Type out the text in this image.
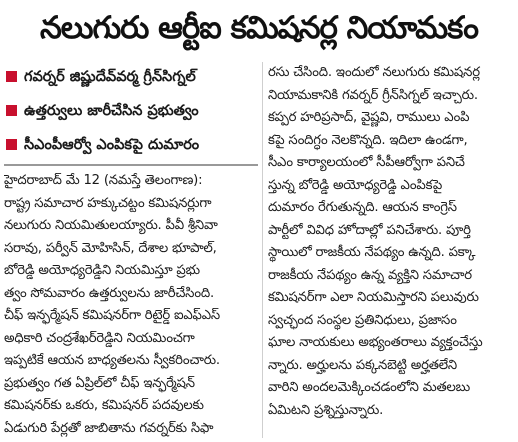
నలుగురు ఆర్టీఐ కమిషనర్ల నియామకం
గవర్నర్ జిష్ణుదేవ్‌వర్మ గ్రీన్‌సిగ్నల్
ఉత్తర్వులు జారీచేసిన ప్రభుత్వం
సీఎంపీఆర్వో ఎంపికపై దుమారం
హైదరాబాద్ మే 12 (నమస్తే తెలంగాణ):
రాష్ట్ర సమాచార హక్కుచట్టం కమిషనర్లుగా
నలుగురు నియమితులయ్యారు. పీవీ శ్రీనివా
సరావు, పర్వీన్ మోహిసిన్, దేశాల భూపాల్,
బోరెడ్డి అయోధ్యరెడ్డిని నియమిస్తూ ప్రభు
త్వం సోమవారం ఉత్తర్వులను జారీచేసింది.
చీఫ్ ఇన్ఫర్మేషన్ కమిషనర్‌గా రిటైర్డ్ ఐఎఫ్ఎస్
అధికారి చంద్రశేఖర్‌రెడ్డిని నియమించగా
ఇప్పటికే ఆయన బాధ్యతలను స్వీకరించారు.
ప్రభుత్వం గత ఏప్రిల్‌లో చీఫ్ ఇన్ఫర్మేషన్
కమిషనర్‌కు ఒకరు, కమిషనర్ పదవులకు
ఏడుగురి పేర్లతో జాబితాను గవర్నర్‌కు సిఫా
రసు చేసింది. ఇందులో నలుగురు కమిషనర్ల
నియామకానికి గవర్నర్ గ్రీన్‌సిగ్నల్ ఇచ్చారు.
కప్పర హరిప్రసాద్, వైష్ణవి, రాములు ఎంపి
కపై సందిగ్ధం నెలకొన్నది. ఇదిలా ఉండగా,
సీఎం కార్యాలయంలో సీపీఆర్వోగా పనిచే
స్తున్న బోరెడ్డి అయోధ్యరెడ్డి ఎంపికపై
దుమారం రేగుతున్నది. ఆయన కాంగ్రెస్
పార్టీలో వివిధ హోదాల్లో పనిచేశారు. పూర్తి
స్థాయిలో రాజకీయ నేపథ్యం ఉన్నది. పక్కా
రాజకీయ నేపథ్యం ఉన్న వ్యక్తిని సమాచార
కమిషనర్‌గా ఎలా నియమిస్తారని పలువురు
స్వచ్ఛంద సంస్థల ప్రతినిధులు, ప్రజాసం
ఘాల నాయకులు అభ్యంతరాలు వ్యక్తంచేస్తు
న్నారు. అర్హులను పక్కనబెట్టి అర్హతలేని
వారిని అందలమెక్కించడంలోని మతలబు
ఏమిటని ప్రశ్నిస్తున్నారు.
